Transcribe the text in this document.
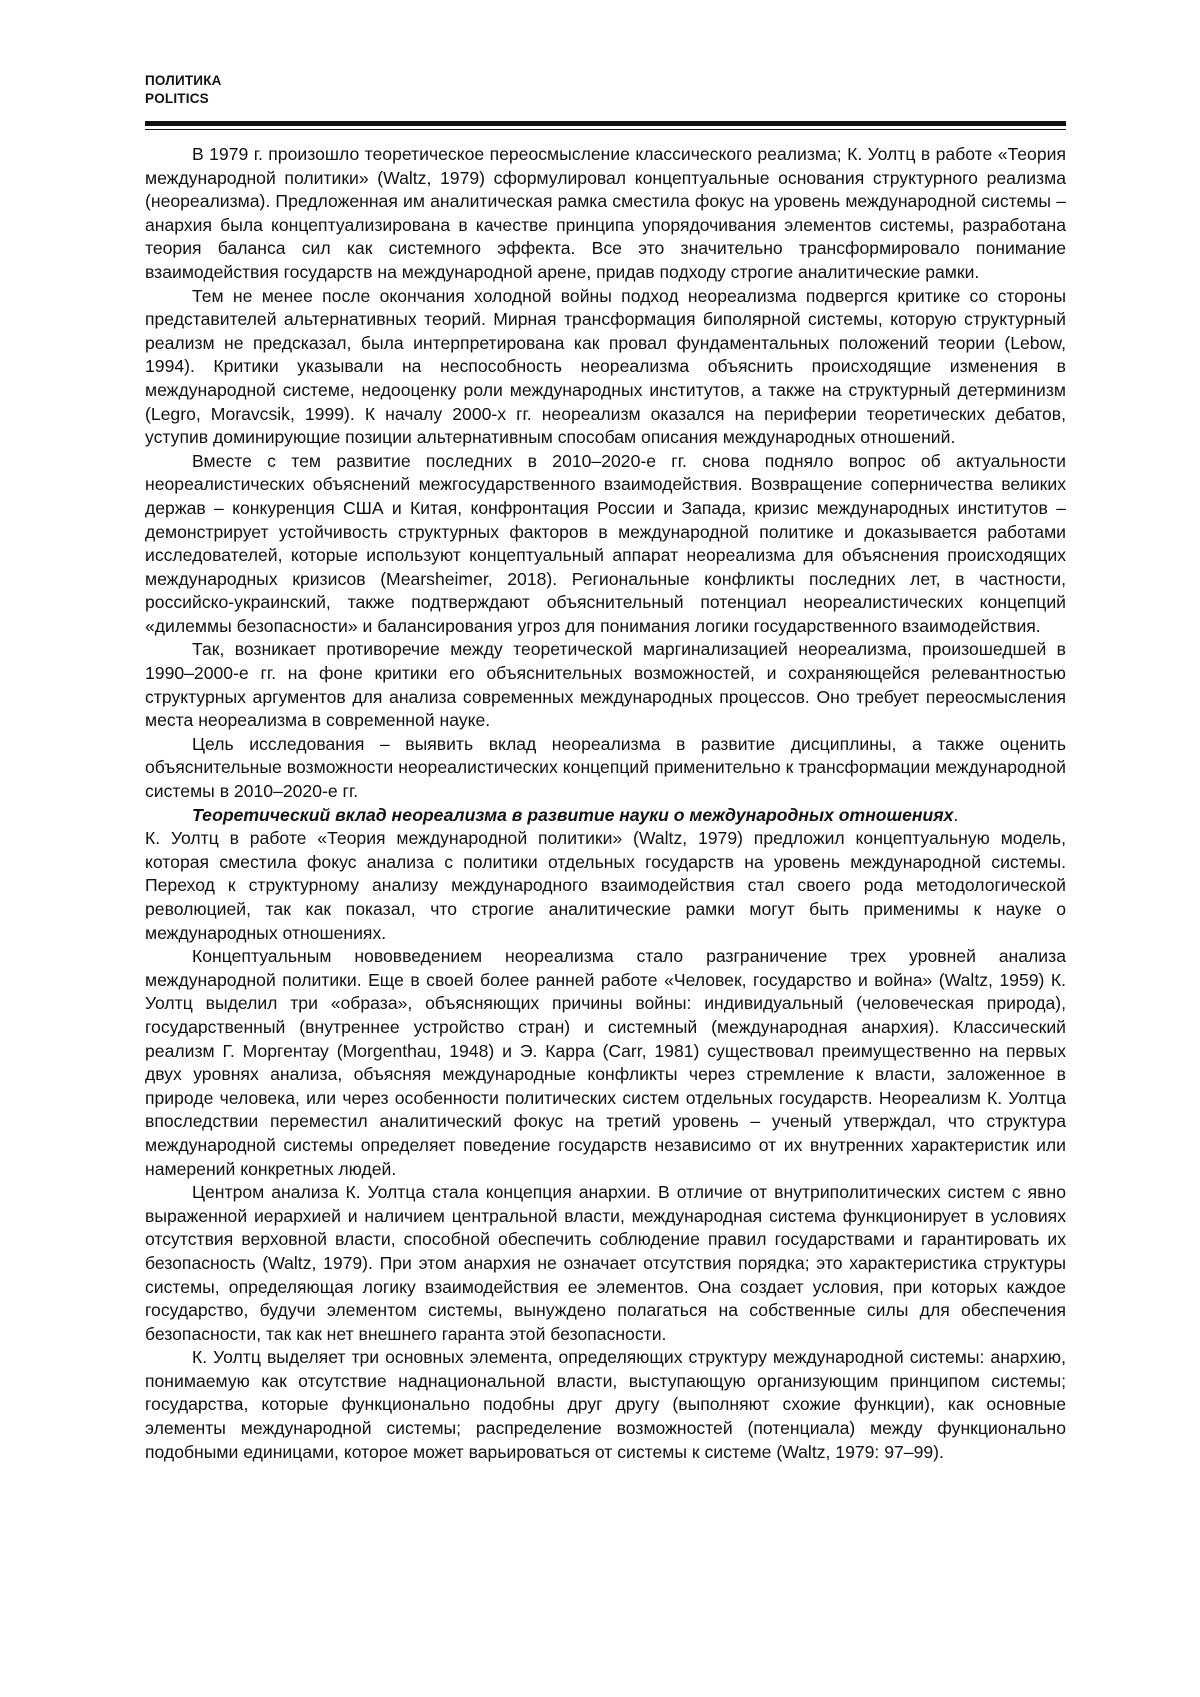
ПОЛИТИКА
POLITICS

В 1979 г. произошло теоретическое переосмысление классического реализма; К. Уолтц в работе «Теория международной политики» (Waltz, 1979) сформулировал концептуальные основания структурного реализма (неореализма). Предложенная им аналитическая рамка сместила фокус на уровень международной системы – анархия была концептуализирована в качестве принципа упорядочивания элементов системы, разработана теория баланса сил как системного эффекта. Все это значительно трансформировало понимание взаимодействия государств на международной арене, придав подходу строгие аналитические рамки.

Тем не менее после окончания холодной войны подход неореализма подвергся критике со стороны представителей альтернативных теорий. Мирная трансформация биполярной системы, которую структурный реализм не предсказал, была интерпретирована как провал фундаментальных положений теории (Lebow, 1994). Критики указывали на неспособность неореализма объяснить происходящие изменения в международной системе, недооценку роли международных институтов, а также на структурный детерминизм (Legro, Moravcsik, 1999). К началу 2000-х гг. неореализм оказался на периферии теоретических дебатов, уступив доминирующие позиции альтернативным способам описания международных отношений.

Вместе с тем развитие последних в 2010–2020-е гг. снова подняло вопрос об актуальности неореалистических объяснений межгосударственного взаимодействия. Возвращение соперничества великих держав – конкуренция США и Китая, конфронтация России и Запада, кризис международных институтов – демонстрирует устойчивость структурных факторов в международной политике и доказывается работами исследователей, которые используют концептуальный аппарат неореализма для объяснения происходящих международных кризисов (Mearsheimer, 2018). Региональные конфликты последних лет, в частности, российско-украинский, также подтверждают объяснительный потенциал неореалистических концепций «дилеммы безопасности» и балансирования угроз для понимания логики государственного взаимодействия.

Так, возникает противоречие между теоретической маргинализацией неореализма, произошедшей в 1990–2000-е гг. на фоне критики его объяснительных возможностей, и сохраняющейся релевантностью структурных аргументов для анализа современных международных процессов. Оно требует переосмысления места неореализма в современной науке.

Цель исследования – выявить вклад неореализма в развитие дисциплины, а также оценить объяснительные возможности неореалистических концепций применительно к трансформации международной системы в 2010–2020-е гг.

Теоретический вклад неореализма в развитие науки о международных отношениях.
К. Уолтц в работе «Теория международной политики» (Waltz, 1979) предложил концептуальную модель, которая сместила фокус анализа с политики отдельных государств на уровень международной системы. Переход к структурному анализу международного взаимодействия стал своего рода методологической революцией, так как показал, что строгие аналитические рамки могут быть применимы к науке о международных отношениях.

Концептуальным нововведением неореализма стало разграничение трех уровней анализа международной политики. Еще в своей более ранней работе «Человек, государство и война» (Waltz, 1959) К. Уолтц выделил три «образа», объясняющих причины войны: индивидуальный (человеческая природа), государственный (внутреннее устройство стран) и системный (международная анархия). Классический реализм Г. Моргентау (Morgenthau, 1948) и Э. Карра (Carr, 1981) существовал преимущественно на первых двух уровнях анализа, объясняя международные конфликты через стремление к власти, заложенное в природе человека, или через особенности политических систем отдельных государств. Неореализм К. Уолтца впоследствии переместил аналитический фокус на третий уровень – ученый утверждал, что структура международной системы определяет поведение государств независимо от их внутренних характеристик или намерений конкретных людей.

Центром анализа К. Уолтца стала концепция анархии. В отличие от внутриполитических систем с явно выраженной иерархией и наличием центральной власти, международная система функционирует в условиях отсутствия верховной власти, способной обеспечить соблюдение правил государствами и гарантировать их безопасность (Waltz, 1979). При этом анархия не означает отсутствия порядка; это характеристика структуры системы, определяющая логику взаимодействия ее элементов. Она создает условия, при которых каждое государство, будучи элементом системы, вынуждено полагаться на собственные силы для обеспечения безопасности, так как нет внешнего гаранта этой безопасности.

К. Уолтц выделяет три основных элемента, определяющих структуру международной системы: анархию, понимаемую как отсутствие наднациональной власти, выступающую организующим принципом системы; государства, которые функционально подобны друг другу (выполняют схожие функции), как основные элементы международной системы; распределение возможностей (потенциала) между функционально подобными единицами, которое может варьироваться от системы к системе (Waltz, 1979: 97–99).
